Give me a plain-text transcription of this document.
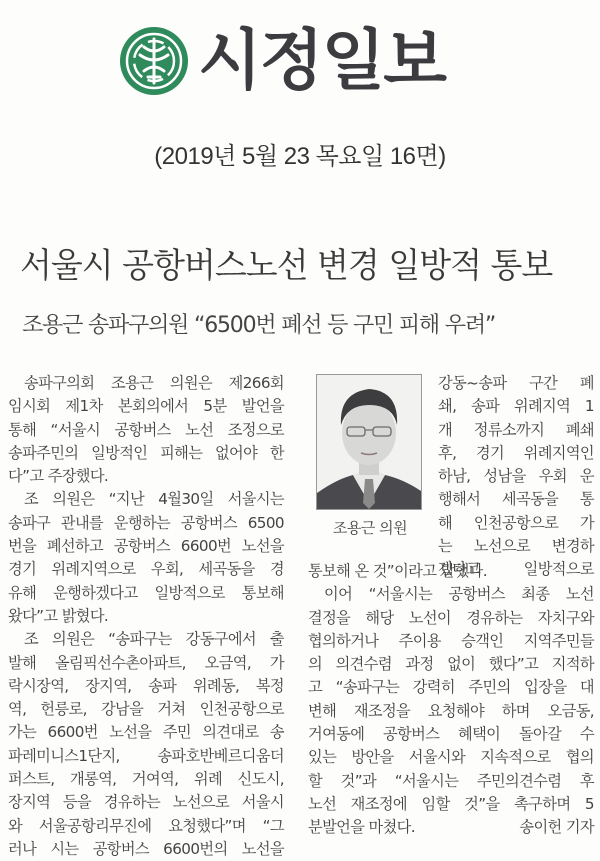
시정일보
(2019년 5월 23 목요일 16면)
서울시 공항버스노선 변경 일방적 통보
조용근 송파구의원 “6500번 폐선 등 구민 피해 우려”
송파구의회 조용근 의원은 제266회
임시회 제1차 본회의에서 5분 발언을
통해 “서울시 공항버스 노선 조정으로
송파주민의 일방적인 피해는 없어야 한
다”고 주장했다.
조 의원은 “지난 4월30일 서울시는
송파구 관내를 운행하는 공항버스 6500
번을 폐선하고 공항버스 6600번 노선을
경기 위례지역으로 우회, 세곡동을 경
유해 운행하겠다고 일방적으로 통보해
왔다”고 밝혔다.
조 의원은 “송파구는 강동구에서 출
발해 올림픽선수촌아파트, 오금역, 가
락시장역, 장지역, 송파 위례동, 복정
역, 헌릉로, 강남을 거쳐 인천공항으로
가는 6600번 노선을 주민 의견대로 송
파레미니스1단지, 송파호반베르디움더
퍼스트, 개롱역, 거여역, 위례 신도시,
장지역 등을 경유하는 노선으로 서울시
와 서울공항리무진에 요청했다”며 “그
러나 시는 공항버스 6600번의 노선을
조용근 의원
강동~송파 구간 폐
쇄, 송파 위례지역 1
개 정류소까지 폐쇄
후, 경기 위례지역인
하남, 성남을 우회 운
행해서 세곡동을 통
해 인천공항으로 가
는 노선으로 변경하
겠다고 일방적으로
통보해 온 것”이라고 말했다.
이어 “서울시는 공항버스 최종 노선
결정을 해당 노선이 경유하는 자치구와
협의하거나 주이용 승객인 지역주민들
의 의견수렴 과정 없이 했다”고 지적하
고 “송파구는 강력히 주민의 입장을 대
변해 재조정을 요청해야 하며 오금동,
거여동에 공항버스 혜택이 돌아갈 수
있는 방안을 서울시와 지속적으로 협의
할 것”과 “서울시는 주민의견수렴 후
노선 재조정에 임할 것”을 촉구하며 5
분발언을 마쳤다.	송이헌 기자
